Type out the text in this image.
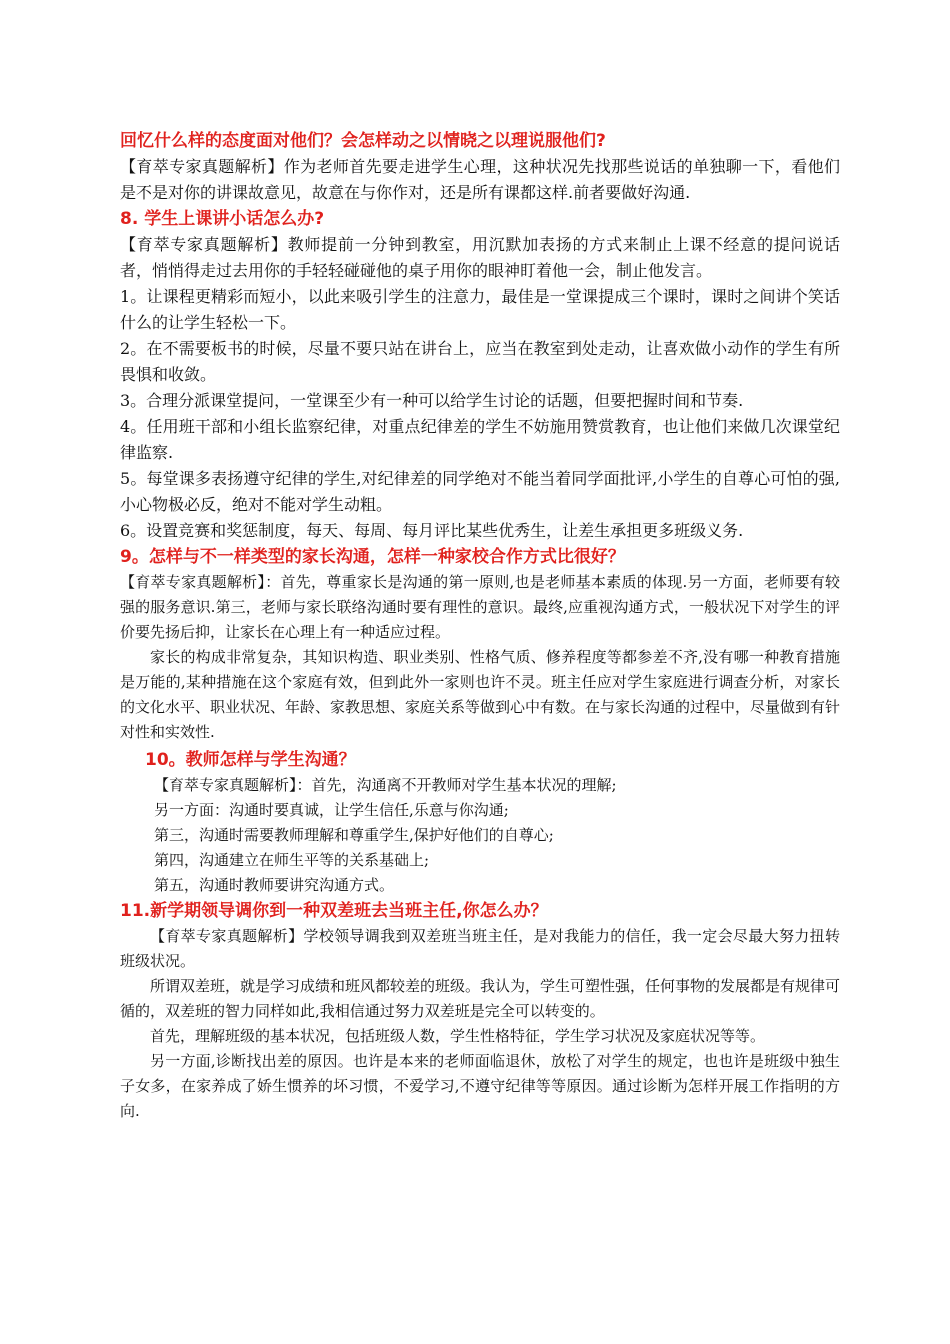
回忆什么样的态度面对他们？会怎样动之以情晓之以理说服他们?

【育萃专家真题解析】作为老师首先要走进学生心理，这种状况先找那些说话的单独聊一下，看他们是不是对你的讲课故意见，故意在与你作对，还是所有课都这样.前者要做好沟通.

8. 学生上课讲小话怎么办?

【育萃专家真题解析】教师提前一分钟到教室，用沉默加表扬的方式来制止上课不经意的提问说话者，悄悄得走过去用你的手轻轻碰碰他的桌子用你的眼神盯着他一会，制止他发言。

1。让课程更精彩而短小，以此来吸引学生的注意力，最佳是一堂课提成三个课时，课时之间讲个笑话什么的让学生轻松一下。

2。在不需要板书的时候，尽量不要只站在讲台上，应当在教室到处走动，让喜欢做小动作的学生有所畏惧和收敛。

3。合理分派课堂提问，一堂课至少有一种可以给学生讨论的话题，但要把握时间和节奏.

4。任用班干部和小组长监察纪律，对重点纪律差的学生不妨施用赞赏教育，也让他们来做几次课堂纪律监察.

5。每堂课多表扬遵守纪律的学生,对纪律差的同学绝对不能当着同学面批评,小学生的自尊心可怕的强,小心物极必反，绝对不能对学生动粗。

6。设置竞赛和奖惩制度，每天、每周、每月评比某些优秀生，让差生承担更多班级义务.

9。怎样与不一样类型的家长沟通，怎样一种家校合作方式比很好？

【育萃专家真题解析】：首先，尊重家长是沟通的第一原则,也是老师基本素质的体现.另一方面，老师要有较强的服务意识.第三，老师与家长联络沟通时要有理性的意识。最终,应重视沟通方式，一般状况下对学生的评价要先扬后抑，让家长在心理上有一种适应过程。

家长的构成非常复杂，其知识构造、职业类别、性格气质、修养程度等都参差不齐,没有哪一种教育措施是万能的,某种措施在这个家庭有效，但到此外一家则也许不灵。班主任应对学生家庭进行调查分析，对家长的文化水平、职业状况、年龄、家教思想、家庭关系等做到心中有数。在与家长沟通的过程中，尽量做到有针对性和实效性.

10。教师怎样与学生沟通？

【育萃专家真题解析】：首先，沟通离不开教师对学生基本状况的理解;

另一方面：沟通时要真诚，让学生信任,乐意与你沟通;

第三，沟通时需要教师理解和尊重学生,保护好他们的自尊心;

第四，沟通建立在师生平等的关系基础上;

第五，沟通时教师要讲究沟通方式。

11.新学期领导调你到一种双差班去当班主任,你怎么办？

【育萃专家真题解析】学校领导调我到双差班当班主任，是对我能力的信任，我一定会尽最大努力扭转班级状况。

所谓双差班，就是学习成绩和班风都较差的班级。我认为，学生可塑性强，任何事物的发展都是有规律可循的，双差班的智力同样如此,我相信通过努力双差班是完全可以转变的。

首先，理解班级的基本状况，包括班级人数，学生性格特征，学生学习状况及家庭状况等等。

另一方面,诊断找出差的原因。也许是本来的老师面临退休，放松了对学生的规定，也也许是班级中独生子女多，在家养成了娇生惯养的坏习惯，不爱学习,不遵守纪律等等原因。通过诊断为怎样开展工作指明的方向.
